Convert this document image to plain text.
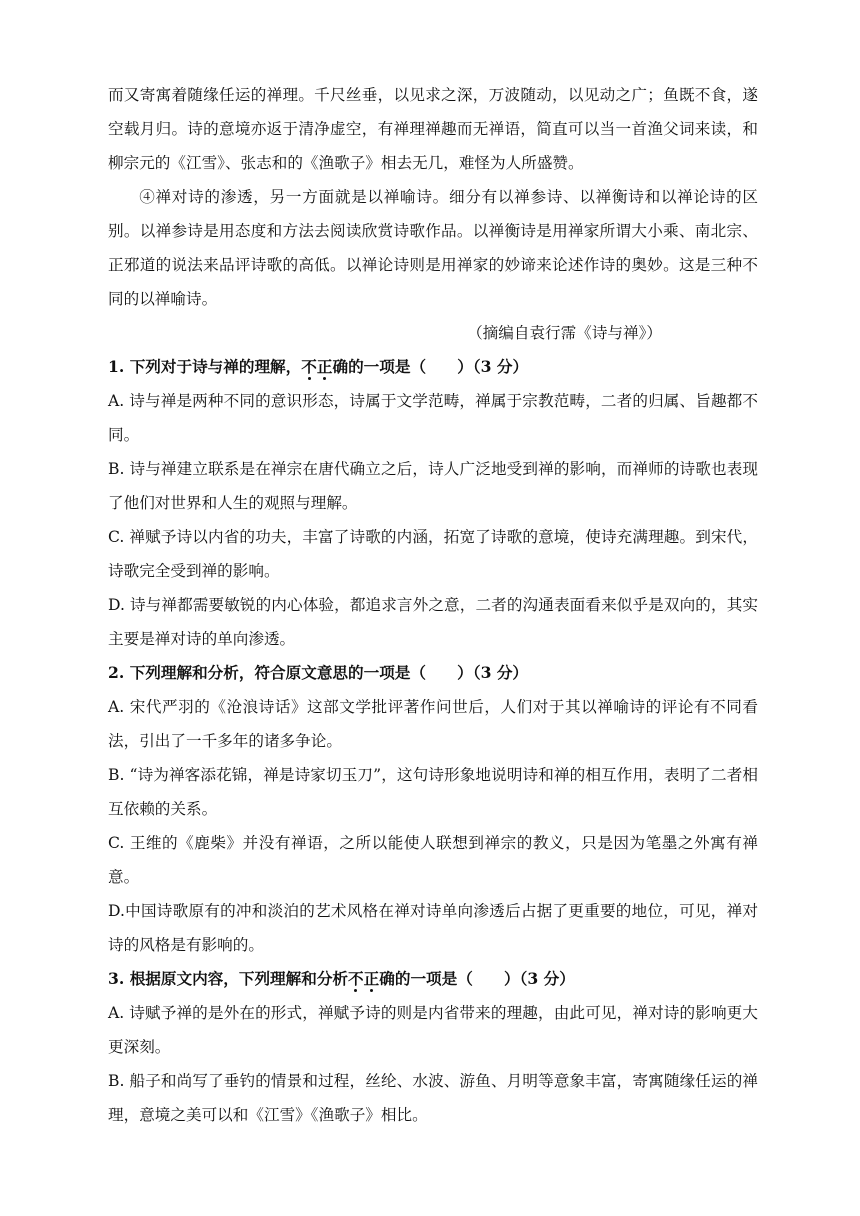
而又寄寓着随缘任运的禅理。千尺丝垂，以见求之深，万波随动，以见动之广；鱼既不食，遂空载月归。诗的意境亦返于清净虚空，有禅理禅趣而无禅语，简直可以当一首渔父词来读，和柳宗元的《江雪》、张志和的《渔歌子》相去无几，难怪为人所盛赞。

④禅对诗的渗透，另一方面就是以禅喻诗。细分有以禅参诗、以禅衡诗和以禅论诗的区别。以禅参诗是用态度和方法去阅读欣赏诗歌作品。以禅衡诗是用禅家所谓大小乘、南北宗、正邪道的说法来品评诗歌的高低。以禅论诗则是用禅家的妙谛来论述作诗的奥妙。这是三种不同的以禅喻诗。

（摘编自袁行霈《诗与禅》）

1. 下列对于诗与禅的理解，不正确的一项是（　　）（3 分）

A. 诗与禅是两种不同的意识形态，诗属于文学范畴，禅属于宗教范畴，二者的归属、旨趣都不同。

B. 诗与禅建立联系是在禅宗在唐代确立之后，诗人广泛地受到禅的影响，而禅师的诗歌也表现了他们对世界和人生的观照与理解。

C. 禅赋予诗以内省的功夫，丰富了诗歌的内涵，拓宽了诗歌的意境，使诗充满理趣。到宋代，诗歌完全受到禅的影响。

D. 诗与禅都需要敏锐的内心体验，都追求言外之意，二者的沟通表面看来似乎是双向的，其实主要是禅对诗的单向渗透。

2. 下列理解和分析，符合原文意思的一项是（　　）（3 分）

A. 宋代严羽的《沧浪诗话》这部文学批评著作问世后，人们对于其以禅喻诗的评论有不同看法，引出了一千多年的诸多争论。

B. “诗为禅客添花锦，禅是诗家切玉刀”，这句诗形象地说明诗和禅的相互作用，表明了二者相互依赖的关系。

C. 王维的《鹿柴》并没有禅语，之所以能使人联想到禅宗的教义，只是因为笔墨之外寓有禅意。

D.中国诗歌原有的冲和淡泊的艺术风格在禅对诗单向渗透后占据了更重要的地位，可见，禅对诗的风格是有影响的。

3. 根据原文内容，下列理解和分析不正确的一项是（　　）（3 分）

A. 诗赋予禅的是外在的形式，禅赋予诗的则是内省带来的理趣，由此可见，禅对诗的影响更大更深刻。

B. 船子和尚写了垂钓的情景和过程，丝纶、水波、游鱼、月明等意象丰富，寄寓随缘任运的禅理，意境之美可以和《江雪》《渔歌子》相比。
